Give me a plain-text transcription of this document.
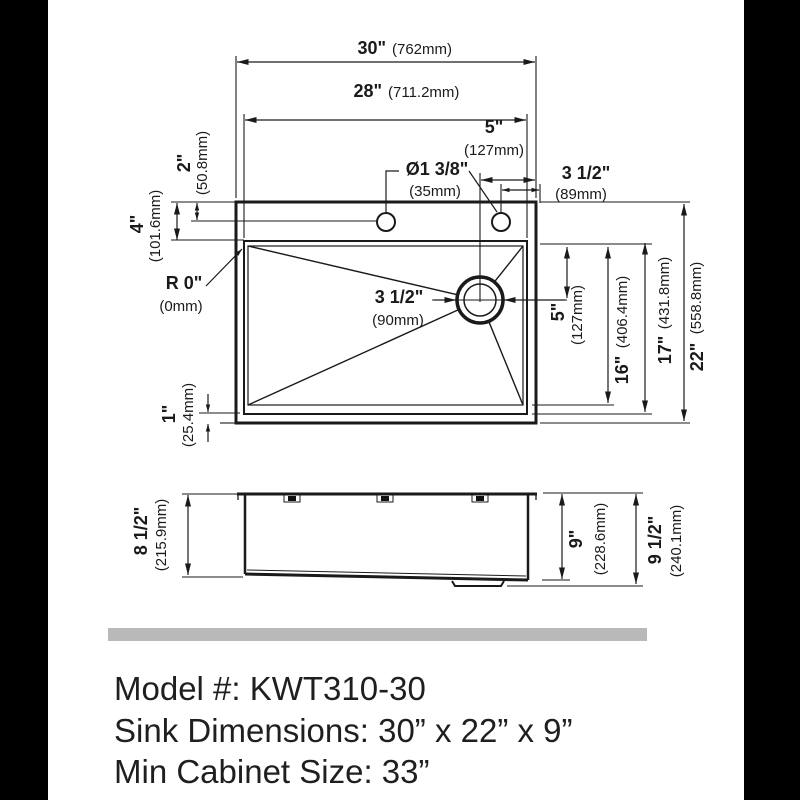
30" (762mm)
28" (711.2mm)
5"
(127mm)
Ø1 3/8"
(35mm)
3 1/2"
(89mm)
2" (50.8mm)
4" (101.6mm)
R 0"
(0mm)	3 1/2"
(90mm)	5" (127mm)
16"
(406.4mm)
17"
(431.8mm)
22"
(558.8mm)
1" (25.4mm)
8 1/2" (215.9mm)	9" (228.6mm) 9 1/2" (240.1mm)
Model #: KWT310-30
Sink Dimensions: 30” x 22” x 9”
Min Cabinet Size: 33”
